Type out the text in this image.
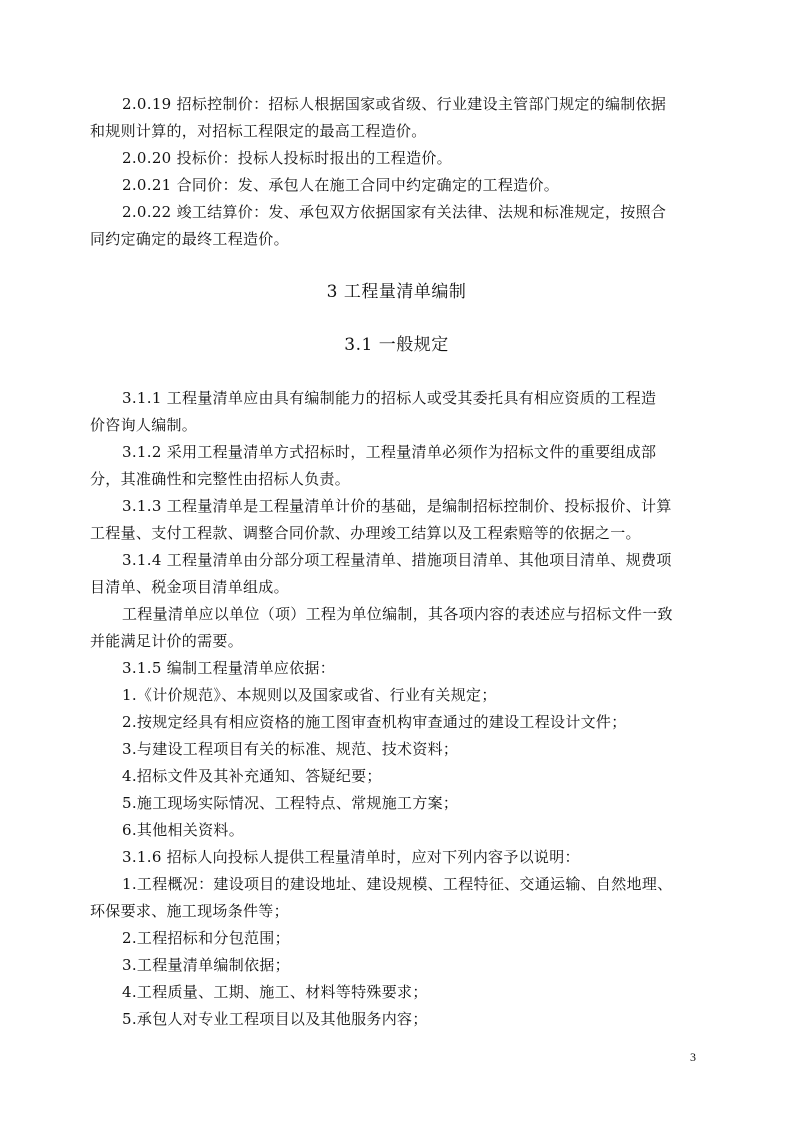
2.0.19 招标控制价：招标人根据国家或省级、行业建设主管部门规定的编制依据
和规则计算的，对招标工程限定的最高工程造价。
2.0.20 投标价：投标人投标时报出的工程造价。
2.0.21 合同价：发、承包人在施工合同中约定确定的工程造价。
2.0.22 竣工结算价：发、承包双方依据国家有关法律、法规和标准规定，按照合
同约定确定的最终工程造价。
3 工程量清单编制
3.1 一般规定
3.1.1 工程量清单应由具有编制能力的招标人或受其委托具有相应资质的工程造
价咨询人编制。
3.1.2 采用工程量清单方式招标时，工程量清单必须作为招标文件的重要组成部
分，其准确性和完整性由招标人负责。
3.1.3 工程量清单是工程量清单计价的基础，是编制招标控制价、投标报价、计算
工程量、支付工程款、调整合同价款、办理竣工结算以及工程索赔等的依据之一。
3.1.4 工程量清单由分部分项工程量清单、措施项目清单、其他项目清单、规费项
目清单、税金项目清单组成。
工程量清单应以单位（项）工程为单位编制，其各项内容的表述应与招标文件一致
并能满足计价的需要。
3.1.5 编制工程量清单应依据：
1.《计价规范》、本规则以及国家或省、行业有关规定；
2.按规定经具有相应资格的施工图审查机构审查通过的建设工程设计文件；
3.与建设工程项目有关的标准、规范、技术资料；
4.招标文件及其补充通知、答疑纪要；
5.施工现场实际情况、工程特点、常规施工方案；
6.其他相关资料。
3.1.6 招标人向投标人提供工程量清单时，应对下列内容予以说明：
1.工程概况：建设项目的建设地址、建设规模、工程特征、交通运输、自然地理、
环保要求、施工现场条件等；
2.工程招标和分包范围；
3.工程量清单编制依据；
4.工程质量、工期、施工、材料等特殊要求；
5.承包人对专业工程项目以及其他服务内容；
3
